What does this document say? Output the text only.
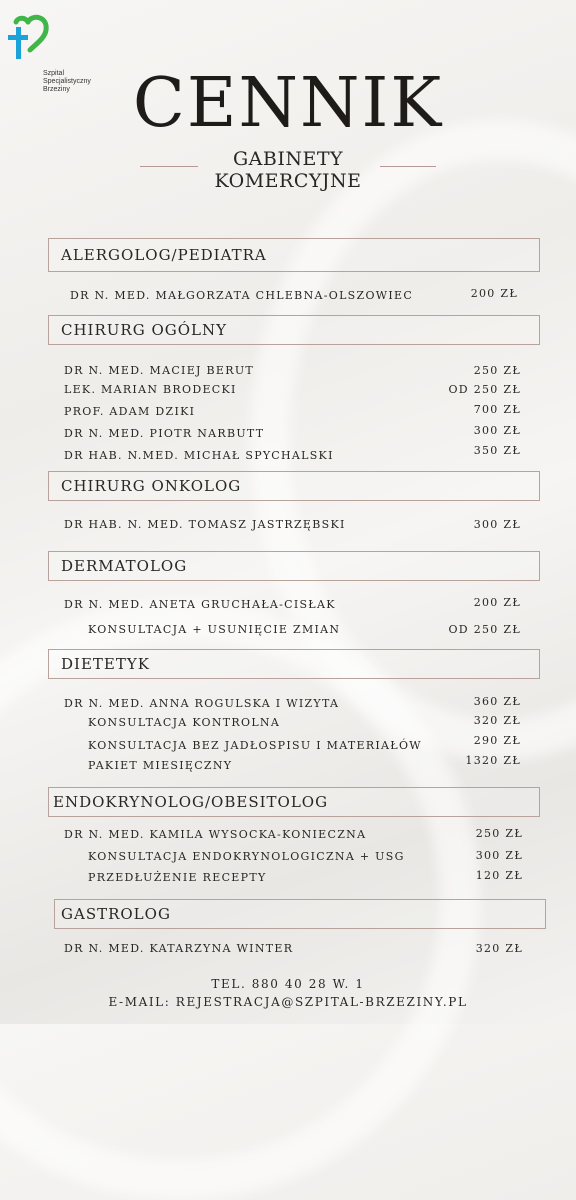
Szpital
Specjalistyczny
Brzeziny CENNIK
GABINETY
KOMERCYJNE
ALERGOLOG/PEDIATRA
DR N. MED. MAŁGORZATA CHLEBNA-OLSZOWIEC	200 ZŁ
CHIRURG OGÓLNY
DR N. MED. MACIEJ BERUT	250 ZŁ
LEK. MARIAN BRODECKI	OD 250 ZŁ
PROF. ADAM DZIKI	700 ZŁ
DR N. MED. PIOTR NARBUTT	300 ZŁ
DR HAB. N.MED. MICHAŁ SPYCHALSKI	350 ZŁ
CHIRURG ONKOLOG
DR HAB. N. MED. TOMASZ JASTRZĘBSKI	300 ZŁ
DERMATOLOG
DR N. MED. ANETA GRUCHAŁA-CISŁAK	200 ZŁ
KONSULTACJA + USUNIĘCIE ZMIAN	OD 250 ZŁ
DIETETYK
DR N. MED. ANNA ROGULSKA I WIZYTA	360 ZŁ
KONSULTACJA KONTROLNA	320 ZŁ
KONSULTACJA BEZ JADŁOSPISU I MATERIAŁÓW	290 ZŁ
PAKIET MIESIĘCZNY	1320 ZŁ
ENDOKRYNOLOG/OBESITOLOG
DR N. MED. KAMILA WYSOCKA-KONIECZNA	250 ZŁ
KONSULTACJA ENDOKRYNOLOGICZNA + USG	300 ZŁ
PRZEDŁUŻENIE RECEPTY	120 ZŁ
GASTROLOG
DR N. MED. KATARZYNA WINTER	320 ZŁ
TEL. 880 40 28 W. 1
E-MAIL: REJESTRACJA@SZPITAL-BRZEZINY.PL
